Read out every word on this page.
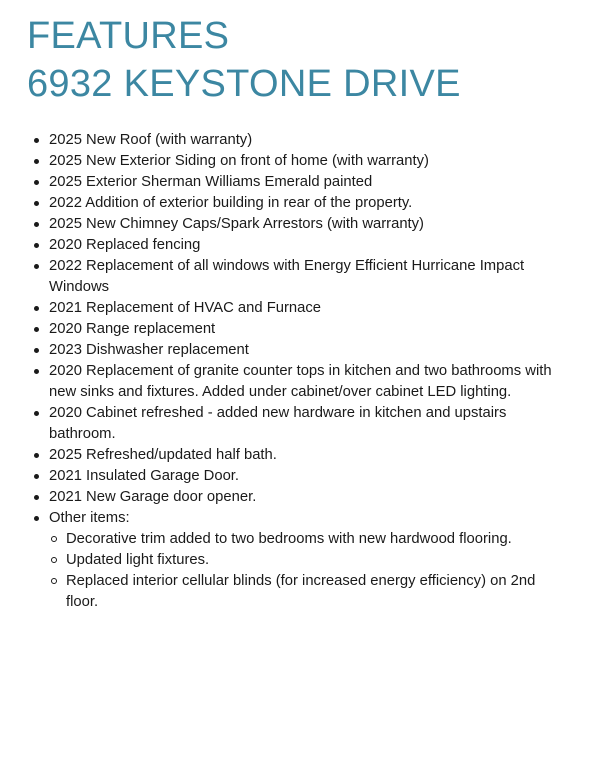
FEATURES
6932 KEYSTONE DRIVE
2025 New Roof (with warranty)
2025 New Exterior Siding on front of home (with warranty)
2025 Exterior Sherman Williams Emerald painted
2022 Addition of exterior building in rear of the property.
2025 New Chimney Caps/Spark Arrestors (with warranty)
2020 Replaced fencing
2022 Replacement of all windows with Energy Efficient Hurricane Impact Windows
2021 Replacement of HVAC and Furnace
2020 Range replacement
2023 Dishwasher replacement
2020 Replacement of granite counter tops in kitchen and two bathrooms with new sinks and fixtures. Added under cabinet/over cabinet LED lighting.
2020 Cabinet refreshed - added new hardware in kitchen and upstairs bathroom.
2025 Refreshed/updated half bath.
2021 Insulated Garage Door.
2021 New Garage door opener.
Other items:
Decorative trim added to two bedrooms with new hardwood flooring.
Updated light fixtures.
Replaced interior cellular blinds (for increased energy efficiency) on 2nd floor.
